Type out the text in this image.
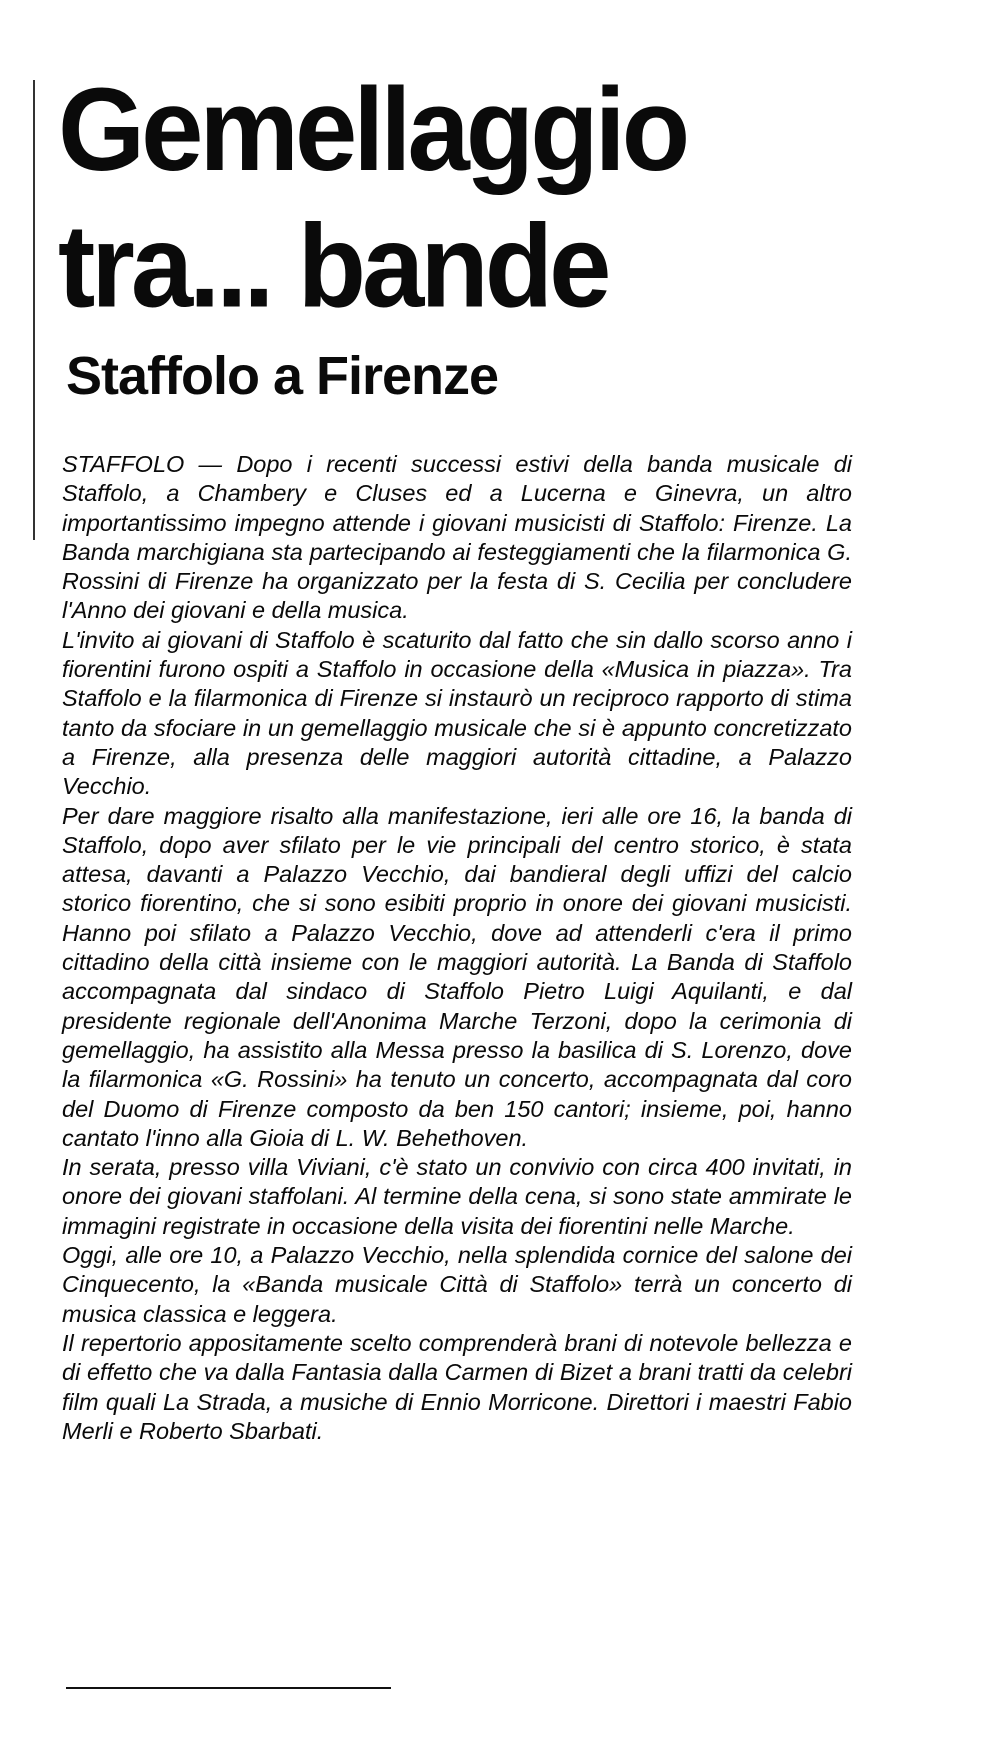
Gemellaggio
tra... bande
Staffolo a Firenze

STAFFOLO — Dopo i recenti successi estivi della banda musicale di Staffolo, a Chambery e Cluses ed a Lucerna e Ginevra, un altro importantissimo impegno attende i giovani musicisti di Staffolo: Firenze. La Banda marchigiana sta partecipando ai festeggiamenti che la filarmonica G. Rossini di Firenze ha organizzato per la festa di S. Cecilia per concludere l'Anno dei giovani e della musica.

L'invito ai giovani di Staffolo è scaturito dal fatto che sin dallo scorso anno i fiorentini furono ospiti a Staffolo in occasione della «Musica in piazza». Tra Staffolo e la filarmonica di Firenze si instaurò un reciproco rapporto di stima tanto da sfociare in un gemellaggio musicale che si è appunto concretizzato a Firenze, alla presenza delle maggiori autorità cittadine, a Palazzo Vecchio.

Per dare maggiore risalto alla manifestazione, ieri alle ore 16, la banda di Staffolo, dopo aver sfilato per le vie principali del centro storico, è stata attesa, davanti a Palazzo Vecchio, dai bandieral degli uffizi del calcio storico fiorentino, che si sono esibiti proprio in onore dei giovani musicisti. Hanno poi sfilato a Palazzo Vecchio, dove ad attenderli c'era il primo cittadino della città insieme con le maggiori autorità. La Banda di Staffolo accompagnata dal sindaco di Staffolo Pietro Luigi Aquilanti, e dal presidente regionale dell'Anonima Marche Terzoni, dopo la cerimonia di gemellaggio, ha assistito alla Messa presso la basilica di S. Lorenzo, dove la filarmonica «G. Rossini» ha tenuto un concerto, accompagnata dal coro del Duomo di Firenze composto da ben 150 cantori; insieme, poi, hanno cantato l'inno alla Gioia di L. W. Behethoven.

In serata, presso villa Viviani, c'è stato un convivio con circa 400 invitati, in onore dei giovani staffolani. Al termine della cena, si sono state ammirate le immagini registrate in occasione della visita dei fiorentini nelle Marche.

Oggi, alle ore 10, a Palazzo Vecchio, nella splendida cornice del salone dei Cinquecento, la «Banda musicale Città di Staffolo» terrà un concerto di musica classica e leggera.

Il repertorio appositamente scelto comprenderà brani di notevole bellezza e di effetto che va dalla Fantasia dalla Carmen di Bizet a brani tratti da celebri film quali La Strada, a musiche di Ennio Morricone. Direttori i maestri Fabio Merli e Roberto Sbarbati.
